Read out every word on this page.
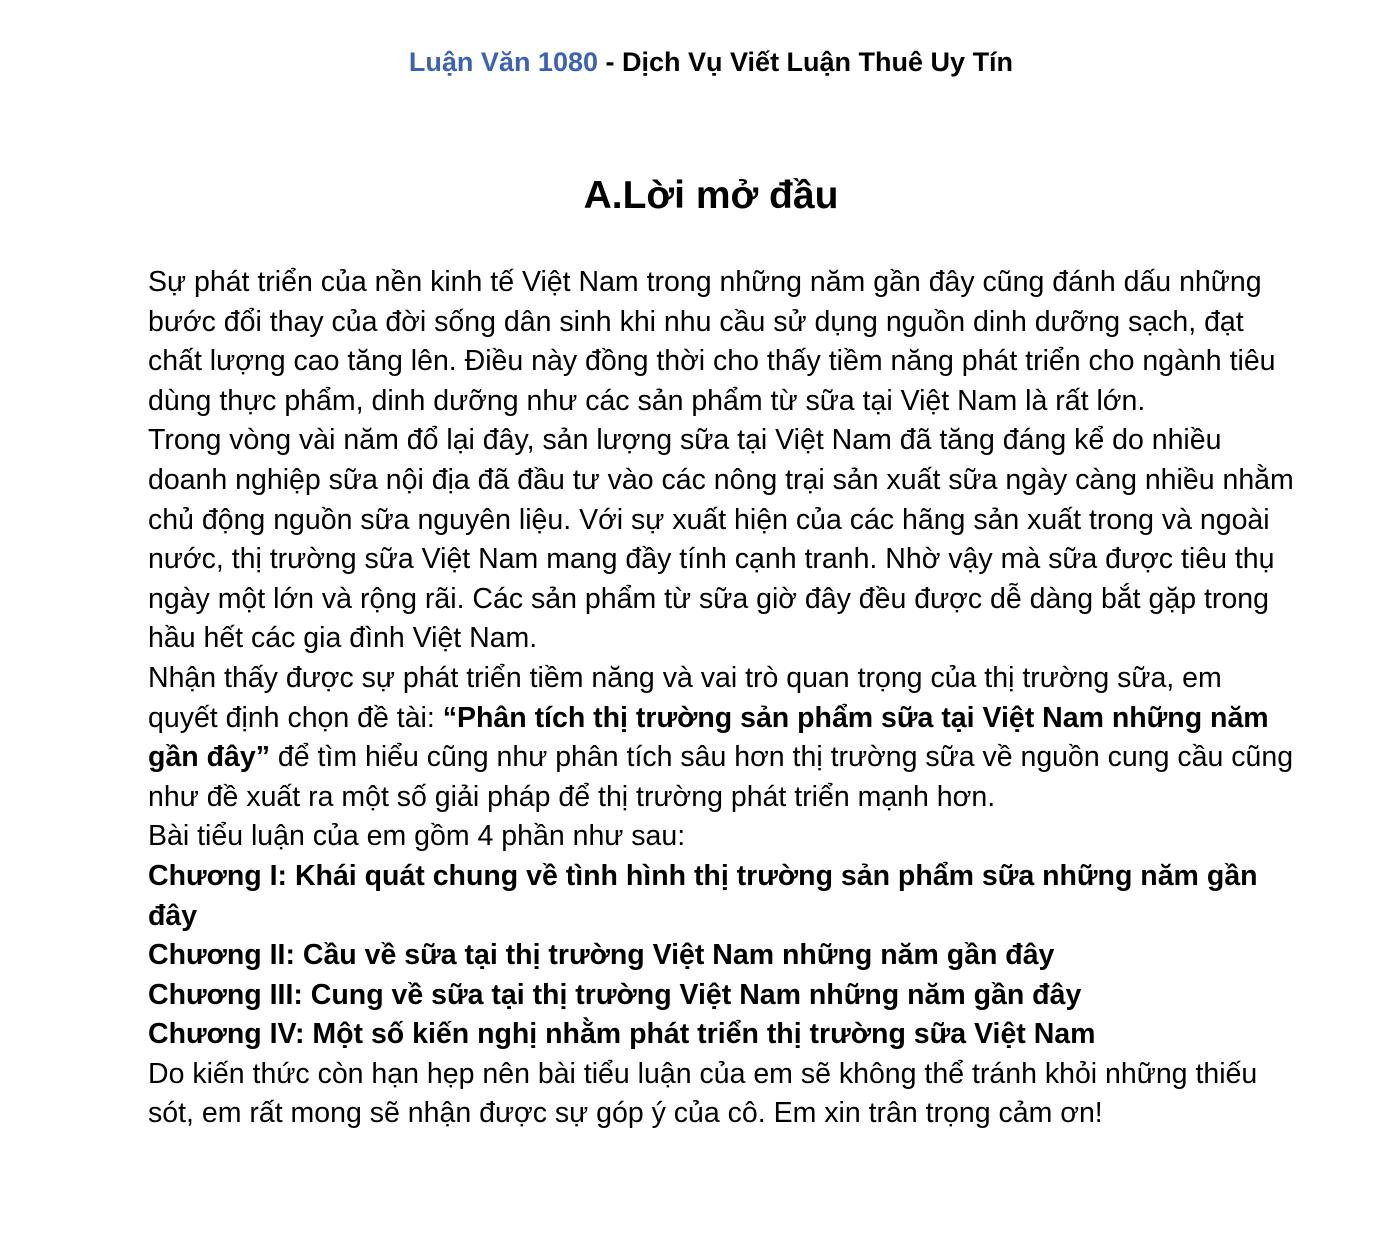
Luận Văn 1080 - Dịch Vụ Viết Luận Thuê Uy Tín
A.Lời mở đầu

Sự phát triển của nền kinh tế Việt Nam trong những năm gần đây cũng đánh dấu những bước đổi thay của đời sống dân sinh khi nhu cầu sử dụng nguồn dinh dưỡng sạch, đạt chất lượng cao tăng lên. Điều này đồng thời cho thấy tiềm năng phát triển cho ngành tiêu dùng thực phẩm, dinh dưỡng như các sản phẩm từ sữa tại Việt Nam là rất lớn.

Trong vòng vài năm đổ lại đây, sản lượng sữa tại Việt Nam đã tăng đáng kể do nhiều doanh nghiệp sữa nội địa đã đầu tư vào các nông trại sản xuất sữa ngày càng nhiều nhằm chủ động nguồn sữa nguyên liệu. Với sự xuất hiện của các hãng sản xuất trong và ngoài nước, thị trường sữa Việt Nam mang đầy tính cạnh tranh. Nhờ vậy mà sữa được tiêu thụ ngày một lớn và rộng rãi. Các sản phẩm từ sữa giờ đây đều được dễ dàng bắt gặp trong hầu hết các gia đình Việt Nam.

Nhận thấy được sự phát triển tiềm năng và vai trò quan trọng của thị trường sữa, em quyết định chọn đề tài: “Phân tích thị trường sản phẩm sữa tại Việt Nam những năm gần đây” để tìm hiểu cũng như phân tích sâu hơn thị trường sữa về nguồn cung cầu cũng như đề xuất ra một số giải pháp để thị trường phát triển mạnh hơn.

Bài tiểu luận của em gồm 4 phần như sau:

Chương I: Khái quát chung về tình hình thị trường sản phẩm sữa những năm gần đây

Chương II: Cầu về sữa tại thị trường Việt Nam những năm gần đây

Chương III: Cung về sữa tại thị trường Việt Nam những năm gần đây

Chương IV: Một số kiến nghị nhằm phát triển thị trường sữa Việt Nam

Do kiến thức còn hạn hẹp nên bài tiểu luận của em sẽ không thể tránh khỏi những thiếu sót, em rất mong sẽ nhận được sự góp ý của cô. Em xin trân trọng cảm ơn!
